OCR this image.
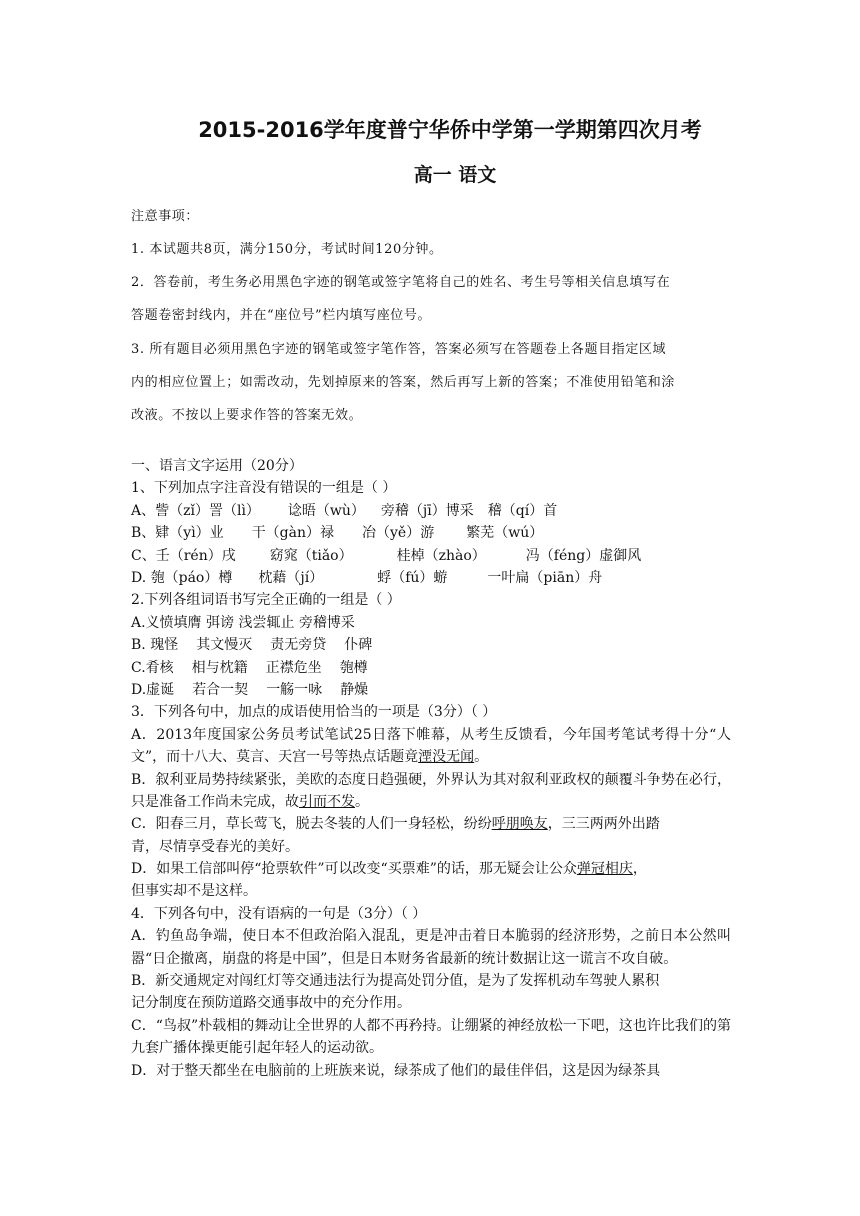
2015-2016学年度普宁华侨中学第一学期第四次月考
高一 语文
注意事项：
1. 本试题共8页，满分150分，考试时间120分钟。
2．答卷前，考生务必用黑色字迹的钢笔或签字笔将自己的姓名、考生号等相关信息填写在
答题卷密封线内，并在“座位号”栏内填写座位号。
3. 所有题目必须用黑色字迹的钢笔或签字笔作答，答案必须写在答题卷上各题目指定区域
内的相应位置上；如需改动，先划掉原来的答案，然后再写上新的答案；不准使用铅笔和涂
改液。不按以上要求作答的答案无效。
一、语言文字运用（20分）
1、下列加点字注音没有错误的一组是（ ）
A、訾（zǐ）詈（lì） 谂晤（wù） 旁稽（jī）博采 稽（qí）首
B、肄（yì）业 干（gàn）禄 冶（yě）游 繁芜（wú）
C、壬（rén）戌 窈窕（tiǎo）	桂棹（zhào）	冯（féng）虚御风
D. 匏（páo）樽 枕藉（jí）	蜉（fú）蝣	一叶扁（piān）舟
2.下列各组词语书写完全正确的一组是（ ）
A.义愤填膺 弭谤 浅尝辄止 旁稽博采
B. 瑰怪 其文慢灭 责无旁贷 仆碑
C.肴核 相与枕籍 正襟危坐 匏樽
D.虚诞 若合一契 一觞一咏 静燥
3．下列各句中，加点的成语使用恰当的一项是（3分）（ ）
A．2013年度国家公务员考试笔试25日落下帷幕，从考生反馈看，今年国考笔试考得十分“人文”，而十八大、莫言、天宫一号等热点话题竟湮没无闻。
B．叙利亚局势持续紧张，美欧的态度日趋强硬，外界认为其对叙利亚政权的颠覆斗争势在必行，只是准备工作尚未完成，故引而不发。
C．阳春三月，草长莺飞，脱去冬装的人们一身轻松，纷纷呼朋唤友，三三两两外出踏
青，尽情享受春光的美好。
D．如果工信部叫停“抢票软件”可以改变“买票难”的话，那无疑会让公众弹冠相庆，
但事实却不是这样。
4．下列各句中，没有语病的一句是（3分）（ ）
A．钓鱼岛争端，使日本不但政治陷入混乱，更是冲击着日本脆弱的经济形势，之前日本公然叫嚣“日企撤离，崩盘的将是中国”，但是日本财务省最新的统计数据让这一谎言不攻自破。
B．新交通规定对闯红灯等交通违法行为提高处罚分值，是为了发挥机动车驾驶人累积
记分制度在预防道路交通事故中的充分作用。
C．“鸟叔”朴载相的舞动让全世界的人都不再矜持。让绷紧的神经放松一下吧，这也许比我们的第九套广播体操更能引起年轻人的运动欲。
D．对于整天都坐在电脑前的上班族来说，绿茶成了他们的最佳伴侣，这是因为绿茶具
